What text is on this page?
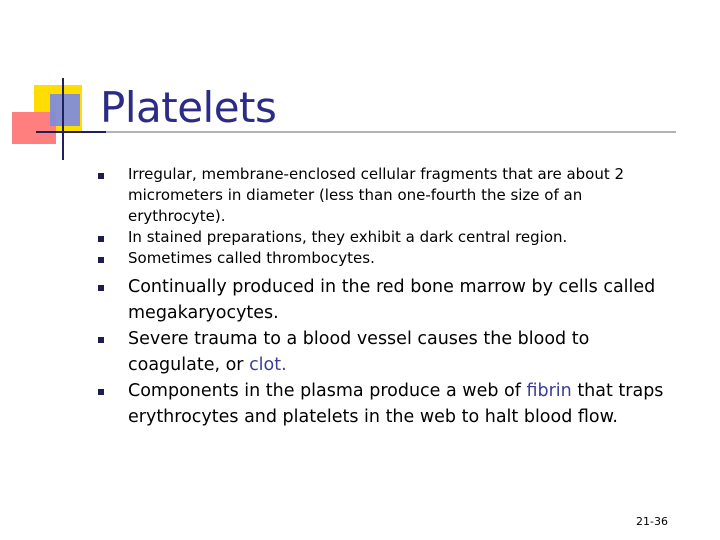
Platelets
Irregular, membrane-enclosed cellular fragments that are about 2 micrometers in diameter (less than one-fourth the size of an erythrocyte).
In stained preparations, they exhibit a dark central region.
Sometimes called thrombocytes.
Continually produced in the red bone marrow by cells called megakaryocytes.
Severe trauma to a blood vessel causes the blood to coagulate, or clot.
Components in the plasma produce a web of fibrin that traps erythrocytes and platelets in the web to halt blood flow.
21-36
